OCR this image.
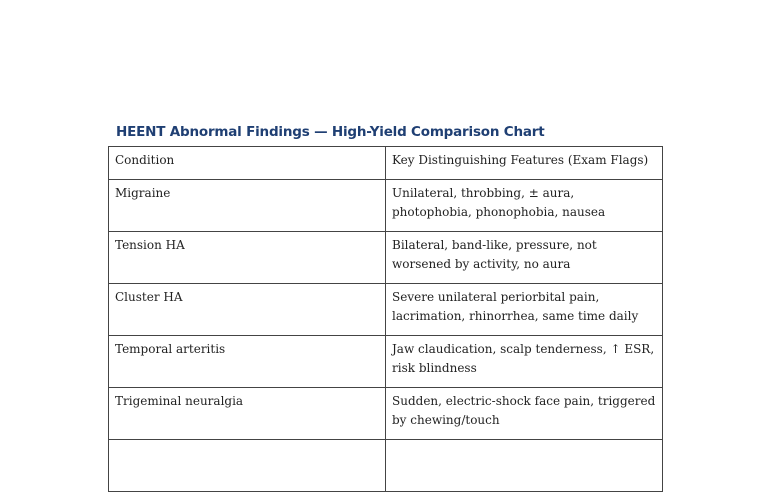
HEENT Abnormal Findings — High-Yield Comparison Chart
Condition	Key Distinguishing Features (Exam Flags)
Migraine	Unilateral, throbbing, ± aura, photophobia, phonophobia, nausea
Tension HA	Bilateral, band-like, pressure, not worsened by activity, no aura
Cluster HA	Severe unilateral periorbital pain, lacrimation, rhinorrhea, same time daily
Temporal arteritis	Jaw claudication, scalp tenderness, ↑ ESR, risk blindness
Trigeminal neuralgia	Sudden, electric-shock face pain, triggered by chewing/touch
